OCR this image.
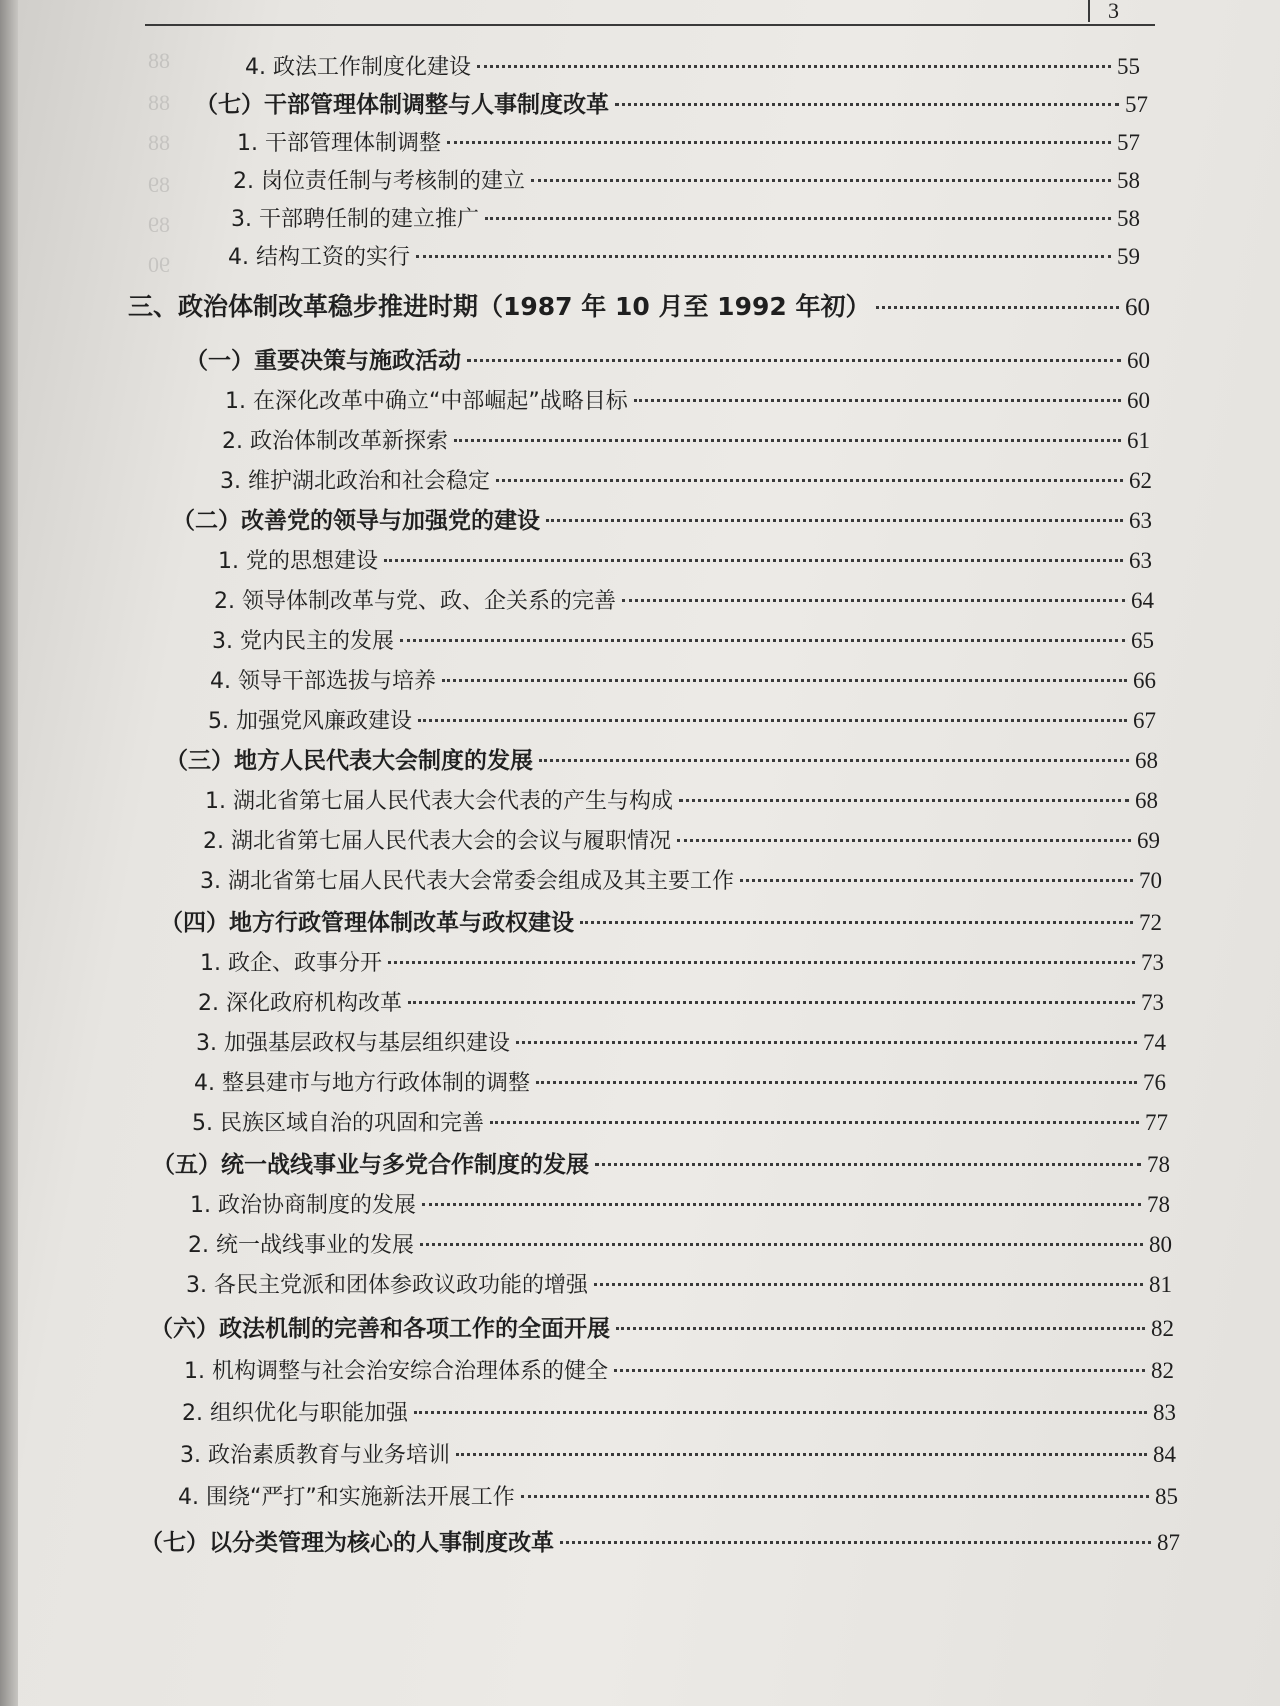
3
88
88
88
89
89
90
4. 政法工作制度化建设	55
（七）干部管理体制调整与人事制度改革	57
1. 干部管理体制调整	57
2. 岗位责任制与考核制的建立	58
3. 干部聘任制的建立推广	58
4. 结构工资的实行	59
三、政治体制改革稳步推进时期（1987 年 10 月至 1992 年初）	60
（一）重要决策与施政活动	60
1. 在深化改革中确立“中部崛起”战略目标	60
2. 政治体制改革新探索	61
3. 维护湖北政治和社会稳定	62
（二）改善党的领导与加强党的建设	63
1. 党的思想建设	63
2. 领导体制改革与党、政、企关系的完善	64
3. 党内民主的发展	65
4. 领导干部选拔与培养	66
5. 加强党风廉政建设	67
（三）地方人民代表大会制度的发展	68
1. 湖北省第七届人民代表大会代表的产生与构成	68
2. 湖北省第七届人民代表大会的会议与履职情况	69
3. 湖北省第七届人民代表大会常委会组成及其主要工作	70
（四）地方行政管理体制改革与政权建设	72
1. 政企、政事分开	73
2. 深化政府机构改革	73
3. 加强基层政权与基层组织建设	74
4. 整县建市与地方行政体制的调整	76
5. 民族区域自治的巩固和完善	77
（五）统一战线事业与多党合作制度的发展	78
1. 政治协商制度的发展	78
2. 统一战线事业的发展	80
3. 各民主党派和团体参政议政功能的增强	81
（六）政法机制的完善和各项工作的全面开展	82
1. 机构调整与社会治安综合治理体系的健全	82
2. 组织优化与职能加强	83
3. 政治素质教育与业务培训	84
4. 围绕“严打”和实施新法开展工作	85
（七）以分类管理为核心的人事制度改革	87
